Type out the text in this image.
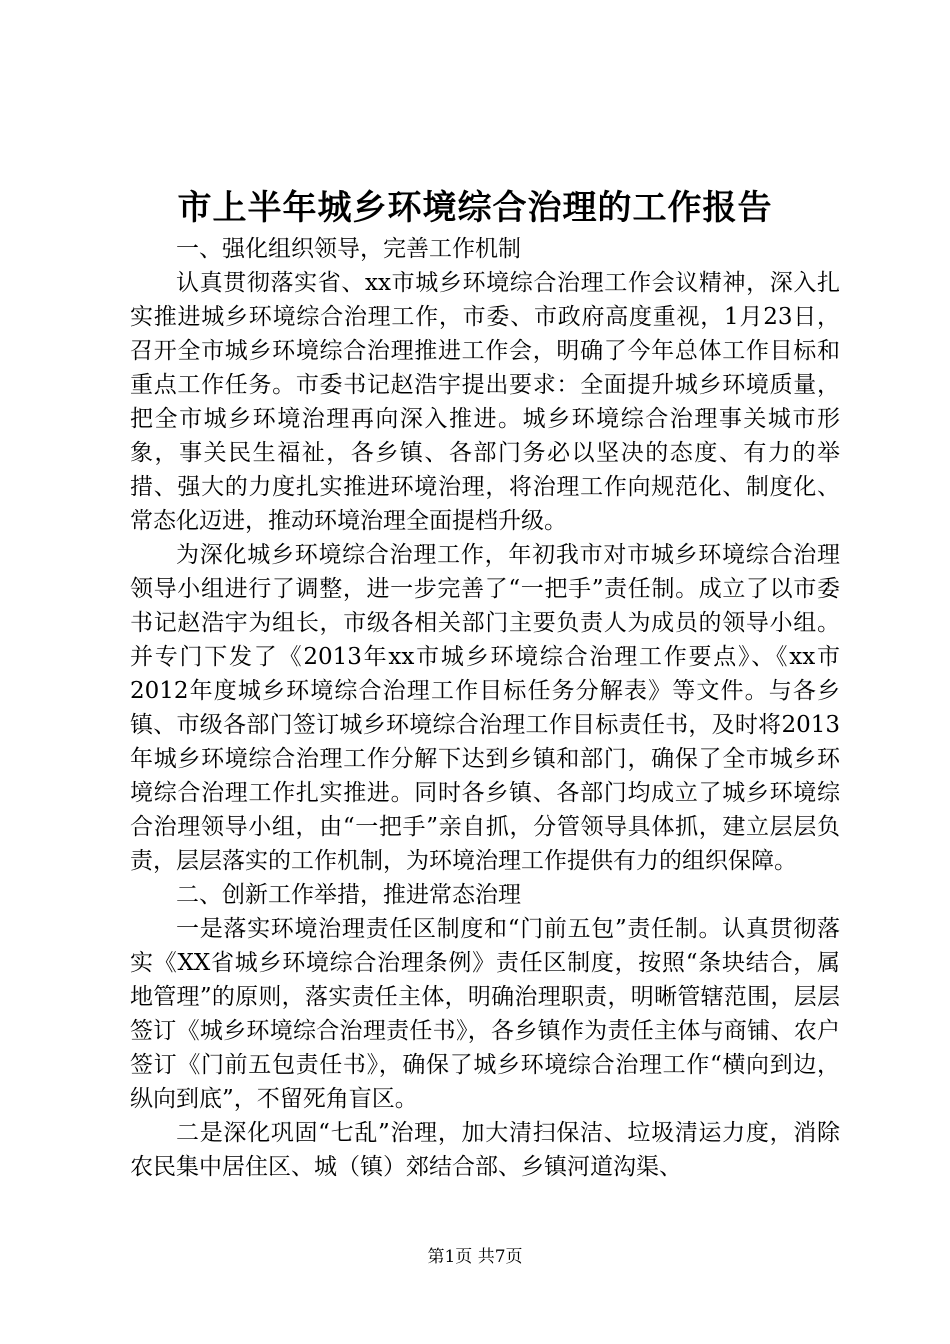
市上半年城乡环境综合治理的工作报告

一、强化组织领导，完善工作机制

认真贯彻落实省、xx市城乡环境综合治理工作会议精神，深入扎实推进城乡环境综合治理工作，市委、市政府高度重视，1月23日，召开全市城乡环境综合治理推进工作会，明确了今年总体工作目标和重点工作任务。市委书记赵浩宇提出要求：全面提升城乡环境质量，把全市城乡环境治理再向深入推进。城乡环境综合治理事关城市形象，事关民生福祉，各乡镇、各部门务必以坚决的态度、有力的举措、强大的力度扎实推进环境治理，将治理工作向规范化、制度化、常态化迈进，推动环境治理全面提档升级。

为深化城乡环境综合治理工作，年初我市对市城乡环境综合治理领导小组进行了调整，进一步完善了“一把手”责任制。成立了以市委书记赵浩宇为组长，市级各相关部门主要负责人为成员的领导小组。并专门下发了《2013年xx市城乡环境综合治理工作要点》、《xx市2012年度城乡环境综合治理工作目标任务分解表》等文件。与各乡镇、市级各部门签订城乡环境综合治理工作目标责任书，及时将2013年城乡环境综合治理工作分解下达到乡镇和部门，确保了全市城乡环境综合治理工作扎实推进。同时各乡镇、各部门均成立了城乡环境综合治理领导小组，由“一把手”亲自抓，分管领导具体抓，建立层层负责，层层落实的工作机制，为环境治理工作提供有力的组织保障。

二、创新工作举措，推进常态治理

一是落实环境治理责任区制度和“门前五包”责任制。认真贯彻落实《XX省城乡环境综合治理条例》责任区制度，按照“条块结合，属地管理”的原则，落实责任主体，明确治理职责，明晰管辖范围，层层签订《城乡环境综合治理责任书》，各乡镇作为责任主体与商铺、农户签订《门前五包责任书》，确保了城乡环境综合治理工作“横向到边，纵向到底”，不留死角盲区。

二是深化巩固“七乱”治理，加大清扫保洁、垃圾清运力度，消除农民集中居住区、城（镇）郊结合部、乡镇河道沟渠、

第1页 共7页
